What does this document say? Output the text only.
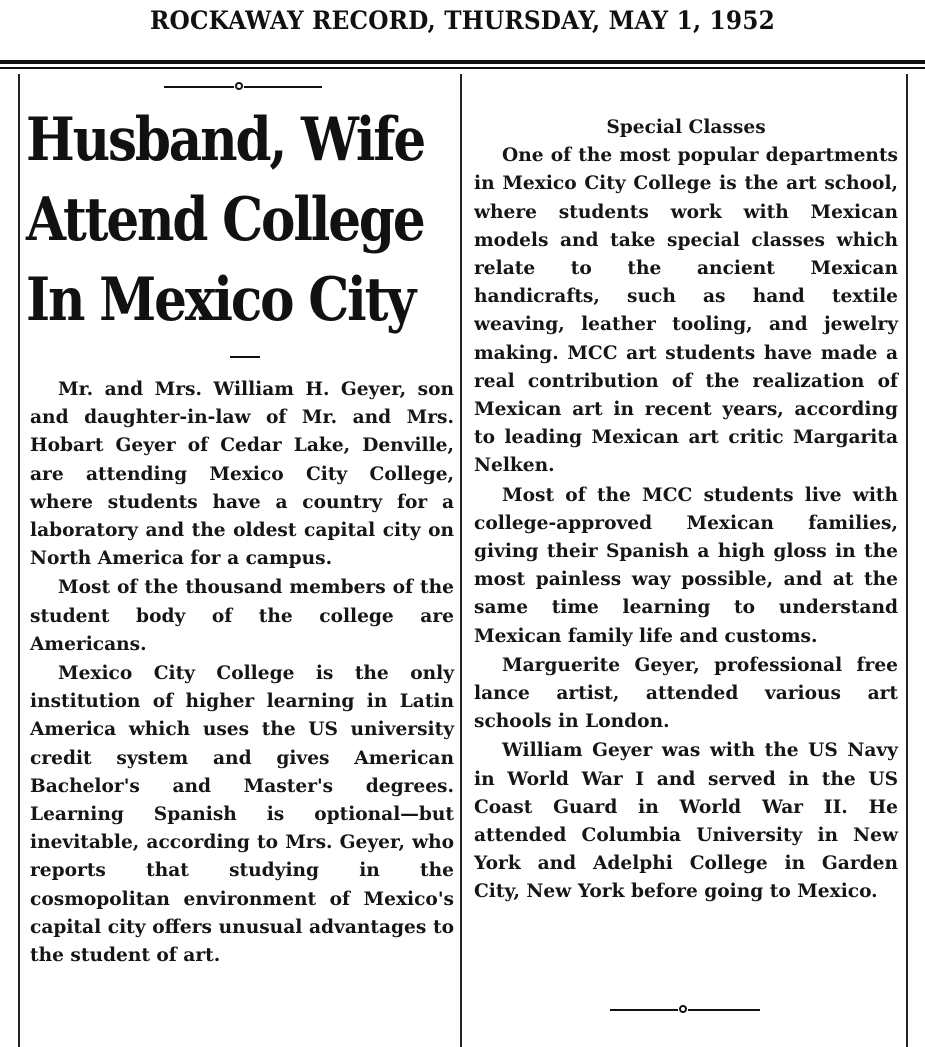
ROCKAWAY RECORD, THURSDAY, MAY 1, 1952
Husband, Wife
Attend College
In Mexico City

Mr. and Mrs. William H. Geyer, son and daughter-in-law of Mr. and Mrs. Hobart Geyer of Cedar Lake, Denville, are attending Mexico City College, where students have a country for a laboratory and the oldest capital city on North America for a campus.

Most of the thousand members of the student body of the college are Americans.

Mexico City College is the only institution of higher learning in Latin America which uses the US university credit system and gives American Bachelor's and Master's degrees. Learning Spanish is optional—but inevitable, according to Mrs. Geyer, who reports that studying in the cosmopolitan environment of Mexico's capital city offers unusual advantages to the student of art.

Special Classes

One of the most popular departments in Mexico City College is the art school, where students work with Mexican models and take special classes which relate to the ancient Mexican handicrafts, such as hand textile weaving, leather tooling, and jewelry making. MCC art students have made a real contribution of the realization of Mexican art in recent years, according to leading Mexican art critic Margarita Nelken.

Most of the MCC students live with college-approved Mexican families, giving their Spanish a high gloss in the most painless way possible, and at the same time learning to understand Mexican family life and customs.

Marguerite Geyer, professional free lance artist, attended various art schools in London.

William Geyer was with the US Navy in World War I and served in the US Coast Guard in World War II. He attended Columbia University in New York and Adelphi College in Garden City, New York before going to Mexico.
